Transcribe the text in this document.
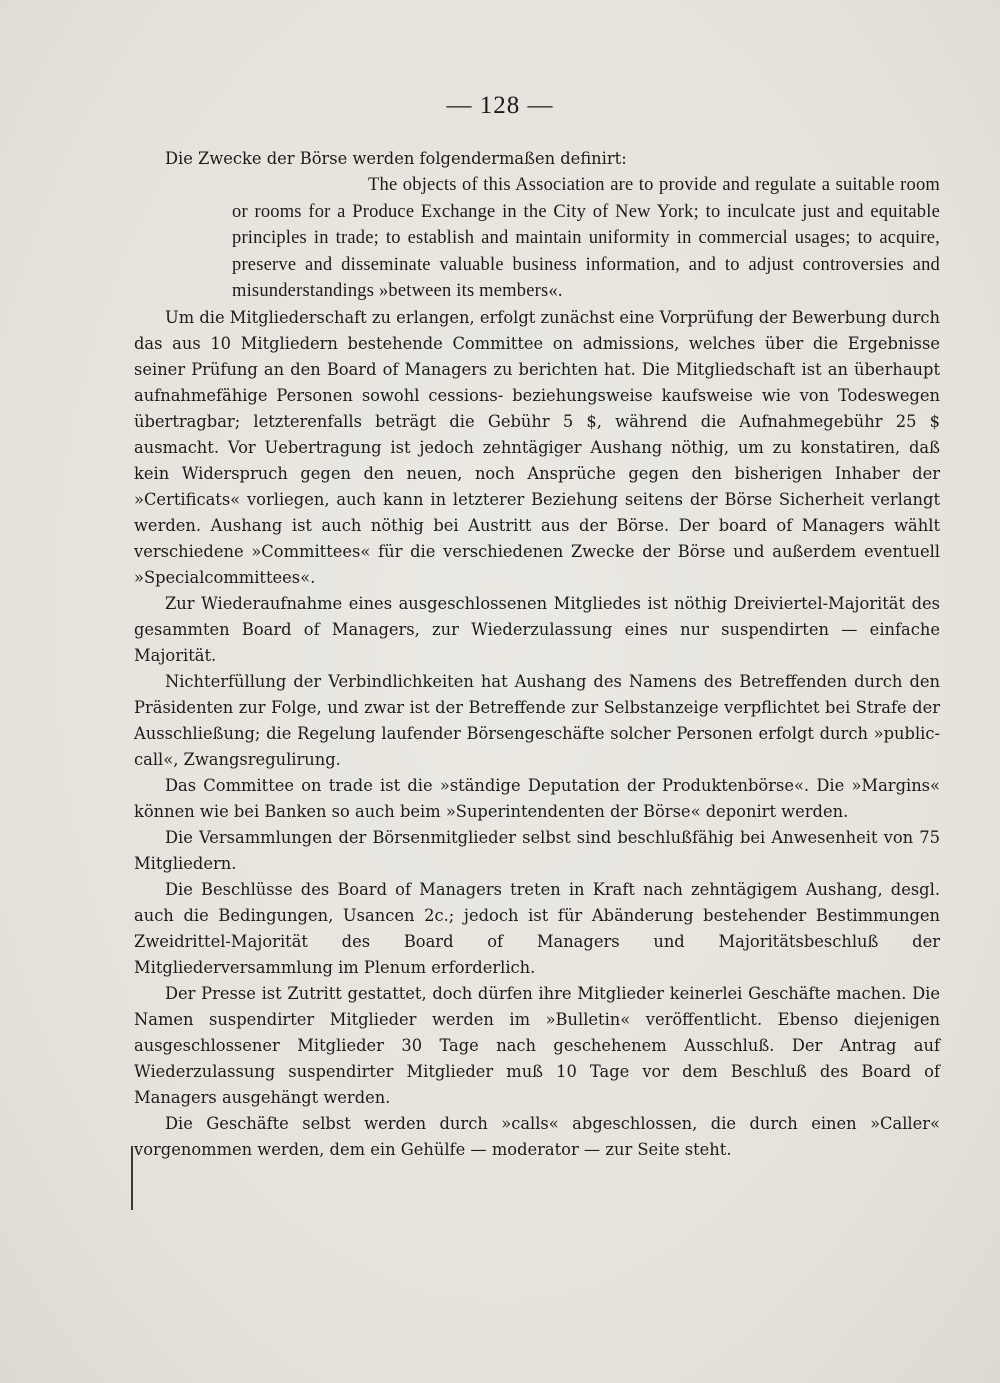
— 128 —

Die Zwecke der Börse werden folgendermaßen definirt:

The objects of this Association are to provide and regulate a suitable room or rooms for a Produce Exchange in the City of New York; to inculcate just and equitable principles in trade; to establish and maintain uniformity in commercial usages; to acquire, preserve and disseminate valuable business information, and to adjust controversies and misunderstandings »between its members«.

Um die Mitgliederschaft zu erlangen, erfolgt zunächst eine Vorprüfung der Bewerbung durch das aus 10 Mitgliedern bestehende Committee on admissions, welches über die Ergebnisse seiner Prüfung an den Board of Managers zu berichten hat. Die Mitgliedschaft ist an überhaupt aufnahmefähige Personen sowohl cessions- beziehungsweise kaufsweise wie von Todeswegen übertragbar; letzterenfalls beträgt die Gebühr 5 $, während die Aufnahmegebühr 25 $ ausmacht. Vor Uebertragung ist jedoch zehntägiger Aushang nöthig, um zu konstatiren, daß kein Widerspruch gegen den neuen, noch Ansprüche gegen den bisherigen Inhaber der »Certificats« vorliegen, auch kann in letzterer Beziehung seitens der Börse Sicherheit verlangt werden. Aushang ist auch nöthig bei Austritt aus der Börse. Der board of Managers wählt verschiedene »Committees« für die verschiedenen Zwecke der Börse und außerdem eventuell »Specialcommittees«.

Zur Wiederaufnahme eines ausgeschlossenen Mitgliedes ist nöthig Dreiviertel-Majorität des gesammten Board of Managers, zur Wiederzulassung eines nur suspendirten — einfache Majorität.

Nichterfüllung der Verbindlichkeiten hat Aushang des Namens des Betreffenden durch den Präsidenten zur Folge, und zwar ist der Betreffende zur Selbstanzeige verpflichtet bei Strafe der Ausschließung; die Regelung laufender Börsengeschäfte solcher Personen erfolgt durch »public-call«, Zwangsregulirung.

Das Committee on trade ist die »ständige Deputation der Produktenbörse«. Die »Margins« können wie bei Banken so auch beim »Superintendenten der Börse« deponirt werden.

Die Versammlungen der Börsenmitglieder selbst sind beschlußfähig bei Anwesenheit von 75 Mitgliedern.

Die Beschlüsse des Board of Managers treten in Kraft nach zehntägigem Aushang, desgl. auch die Bedingungen, Usancen 2c.; jedoch ist für Abänderung bestehender Bestimmungen Zweidrittel-Majorität des Board of Managers und Majoritätsbeschluß der Mitgliederversammlung im Plenum erforderlich.

Der Presse ist Zutritt gestattet, doch dürfen ihre Mitglieder keinerlei Geschäfte machen. Die Namen suspendirter Mitglieder werden im »Bulletin« veröffentlicht. Ebenso diejenigen ausgeschlossener Mitglieder 30 Tage nach geschehenem Ausschluß. Der Antrag auf Wiederzulassung suspendirter Mitglieder muß 10 Tage vor dem Beschluß des Board of Managers ausgehängt werden.

Die Geschäfte selbst werden durch »calls« abgeschlossen, die durch einen »Caller« vorgenommen werden, dem ein Gehülfe — moderator — zur Seite steht.
